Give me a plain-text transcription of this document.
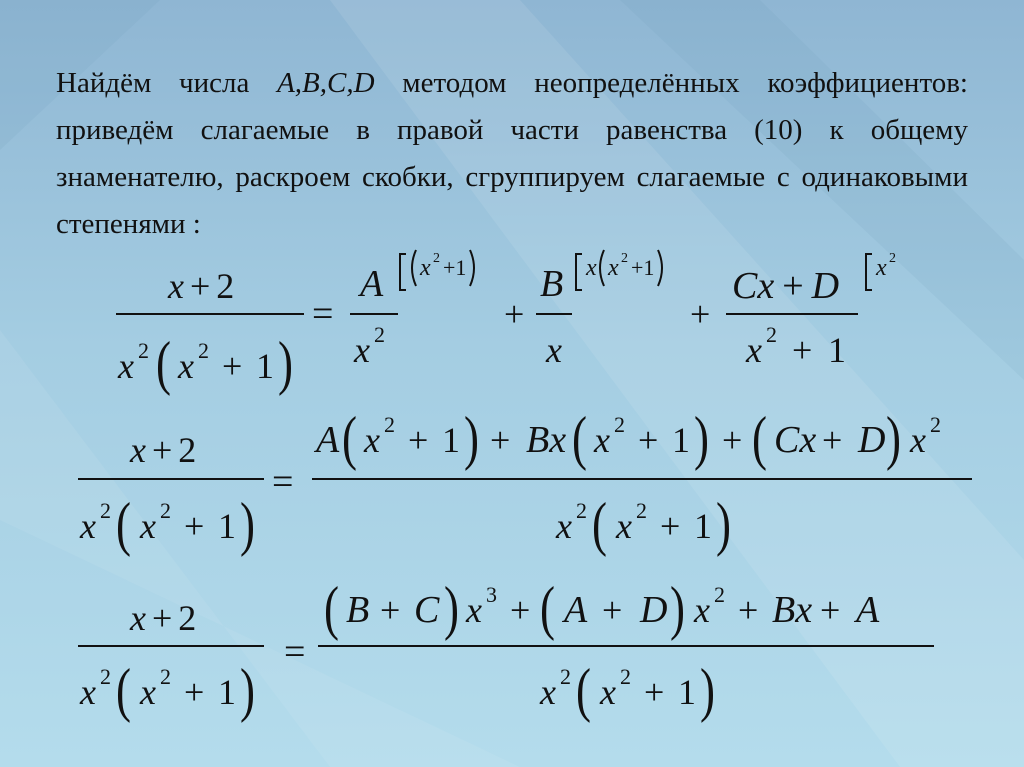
Найдём числа A,B,C,D методом неопределённых коэффициентов: приведём слагаемые в правой части равенства (10) к общему знаменателю, раскроем скобки, сгруппируем слагаемые с одинаковыми степенями :
x + 2
x 2 ( x 2 + 1 )
=
A
x 2
x 2 +1
+
B
x
x x 2 +1
+
Cx + D
x 2 + 1
x 2
x + 2
x 2 ( x 2 + 1 )
=
A ( x 2 + 1 ) + Bx ( x 2 + 1 ) + ( Cx + D ) x 2
x 2 ( x 2 + 1 )
x + 2
x 2 ( x 2 + 1 )
=
( B + C ) x 3 + ( A + D ) x 2 + Bx + A
x 2 ( x 2 + 1 )
